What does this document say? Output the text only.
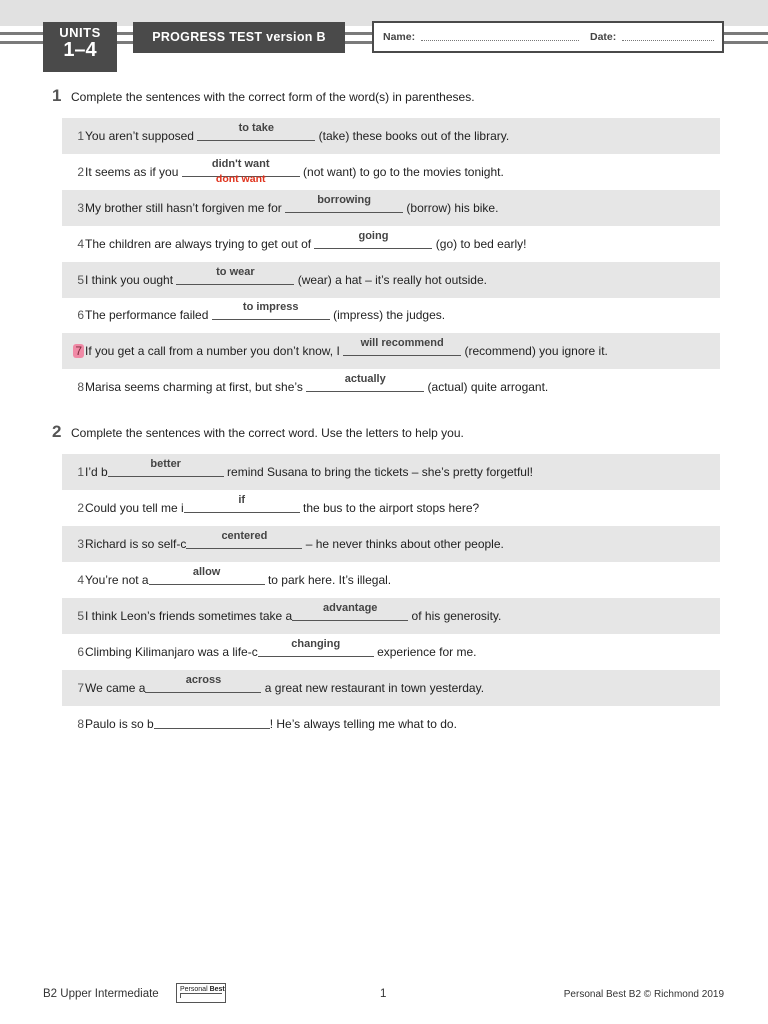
UNITS
1–4
PROGRESS TEST version B	Name:	Date:
1 Complete the sentences with the correct form of the word(s) in parentheses.
1 You aren’t supposed
to take
(take) these books out of the library.
2 It seems as if you
didn't want
dont want	(not want) to go to the movies tonight.
3 My brother still hasn’t forgiven me for
borrowing
(borrow) his bike.
4 The children are always trying to get out of
going
(go) to bed early!
5 I think you ought
to wear
(wear) a hat – it’s really hot outside.
6 The performance failed
to impress
(impress) the judges.
7 If you get a call from a number you don’t know, I
will recommend
(recommend) you ignore it.
8 Marisa seems charming at first, but she’s
actually
(actual) quite arrogant.
2 Complete the sentences with the correct word. Use the letters to help you.
1 I’d b
better
remind Susana to bring the tickets – she’s pretty forgetful!
2 Could you tell me i
if
the bus to the airport stops here?
3 Richard is so self-c
centered
– he never thinks about other people.
4 You’re not a
allow
to park here. It’s illegal.
5 I think Leon’s friends sometimes take a
advantage
of his generosity.
6 Climbing Kilimanjaro was a life-c
changing
experience for me.
7 We came a
across
a great new restaurant in town yesterday.
8 Paulo is so b	! He’s always telling me what to do.
B2 Upper Intermediate	Personal Best	1	Personal Best B2 © Richmond 2019
